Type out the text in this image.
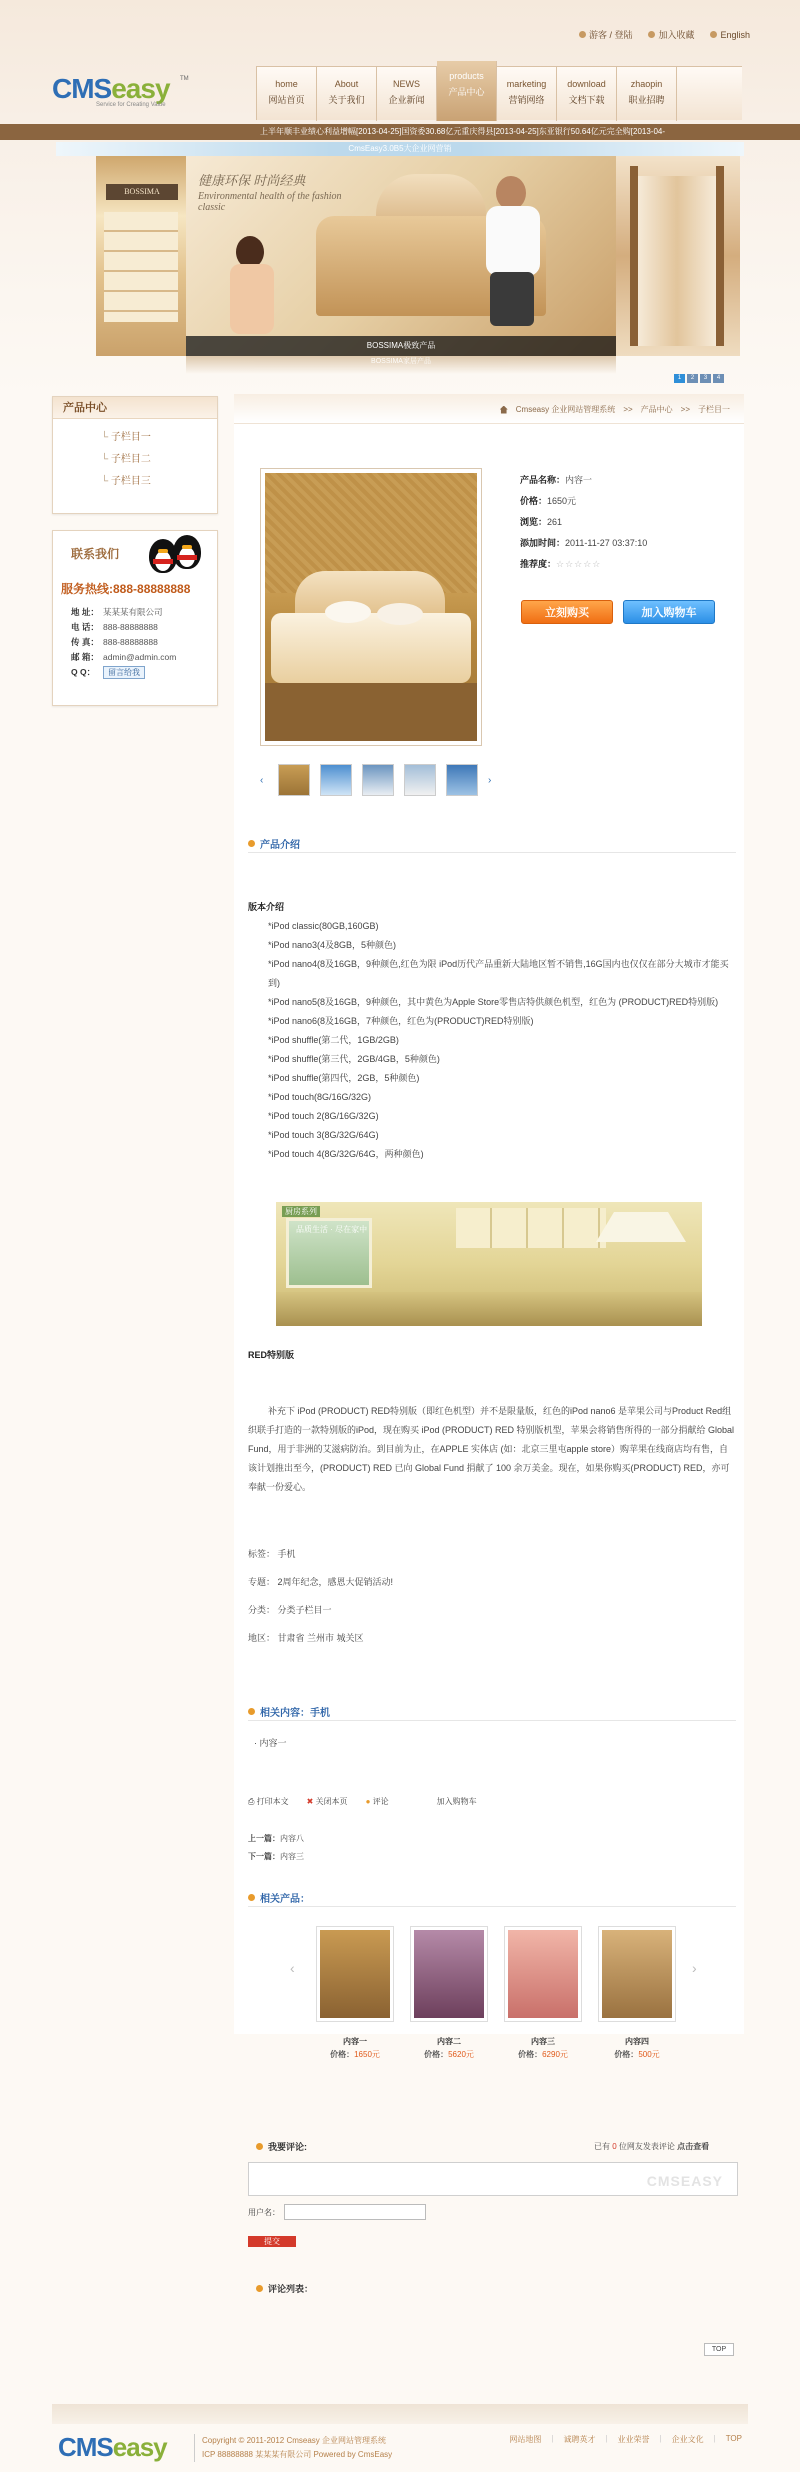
游客 / 登陆	加入收藏	English
CMSeasy	TM
Service for Creating Value
home
网站首页
About
关于我们
NEWS
企业新闻
products
产品中心
marketing
营销网络
download
文档下载
zhaopin
职业招聘
上半年顺丰业绩心利益增幅[2013-04-25]国资委30.68亿元重庆得县[2013-04-25]东亚银行50.64亿元完全购[2013-04-
CmsEasy3.0B5大企业网营销
BOSSIMA
健康环保 时尚经典
Environmental health of the fashion classic
BOSSIMA极致产品
BOSSIMA家居产品
1	2	3	4
产品中心
└ 子栏目一
└ 子栏目二
└ 子栏目三
联系我们
服务热线:888-88888888
地 址： 某某某有限公司
电 话： 888-88888888
传 真： 888-88888888
邮 箱： admin@admin.com
Q Q： 留言给我
Cmseasy 企业网站管理系统 >> 产品中心 >> 子栏目一
‹	›
产品名称：内容一
价格：1650元
浏览：261
添加时间：2011-11-27 03:37:10
推荐度：☆☆☆☆☆
立刻购买	加入购物车
产品介绍
版本介绍
*iPod classic(80GB,160GB)
*iPod nano3(4及8GB，5种颜色)
*iPod nano4(8及16GB，9种颜色,红色为限 iPod历代产品重新大陆地区暂不销售,16G国内也仅仅在部分大城市才能买到)
*iPod nano5(8及16GB，9种颜色，其中黄色为Apple Store零售店特供颜色机型，红色为 (PRODUCT)RED特别版)
*iPod nano6(8及16GB，7种颜色，红色为(PRODUCT)RED特别版)
*iPod shuffle(第二代，1GB/2GB)
*iPod shuffle(第三代，2GB/4GB，5种颜色)
*iPod shuffle(第四代，2GB，5种颜色)
*iPod touch(8G/16G/32G)
*iPod touch 2(8G/16G/32G)
*iPod touch 3(8G/32G/64G)
*iPod touch 4(8G/32G/64G，两种颜色)
厨房系列
品质生活 · 尽在家中
RED特别版
补充下 iPod (PRODUCT) RED特别版（即红色机型）并不是限量版，红色的iPod nano6 是苹果公司与Product Red组织联手打造的一款特别版的iPod，现在购买 iPod (PRODUCT) RED 特别版机型，苹果会将销售所得的一部分捐献给 Global Fund，用于非洲的艾滋病防治。到目前为止，在APPLE 实体店 (如：北京三里屯apple store）购苹果在线商店均有售，自该计划推出至今，(PRODUCT) RED 已向 Global Fund 捐献了 100 余万美金。现在，如果你购买(PRODUCT) RED，亦可奉献一份爱心。
标签： 手机
专题： 2周年纪念，感恩大促销活动!
分类： 分类子栏目一
地区： 甘肃省 兰州市 城关区
相关内容：手机
· 内容一
⎙ 打印本文 ✖ 关闭本页 ● 评论	加入购物车
上一篇：内容八
下一篇：内容三
相关产品：
‹
内容一
价格：1650元
内容二
价格：5620元
内容三
价格：6290元
内容四
价格：500元
›
我要评论:	已有 0 位网友发表评论 点击查看
CMSEASY
用户名：
提交
评论列表：
TOP
CMSeasy	Copyright © 2011-2012 Cmseasy 企业网站管理系统
ICP 88888888 某某某有限公司 Powered by CmsEasy
网站地图 | 诚聘英才 | 业业荣誉 | 企业文化 | TOP
